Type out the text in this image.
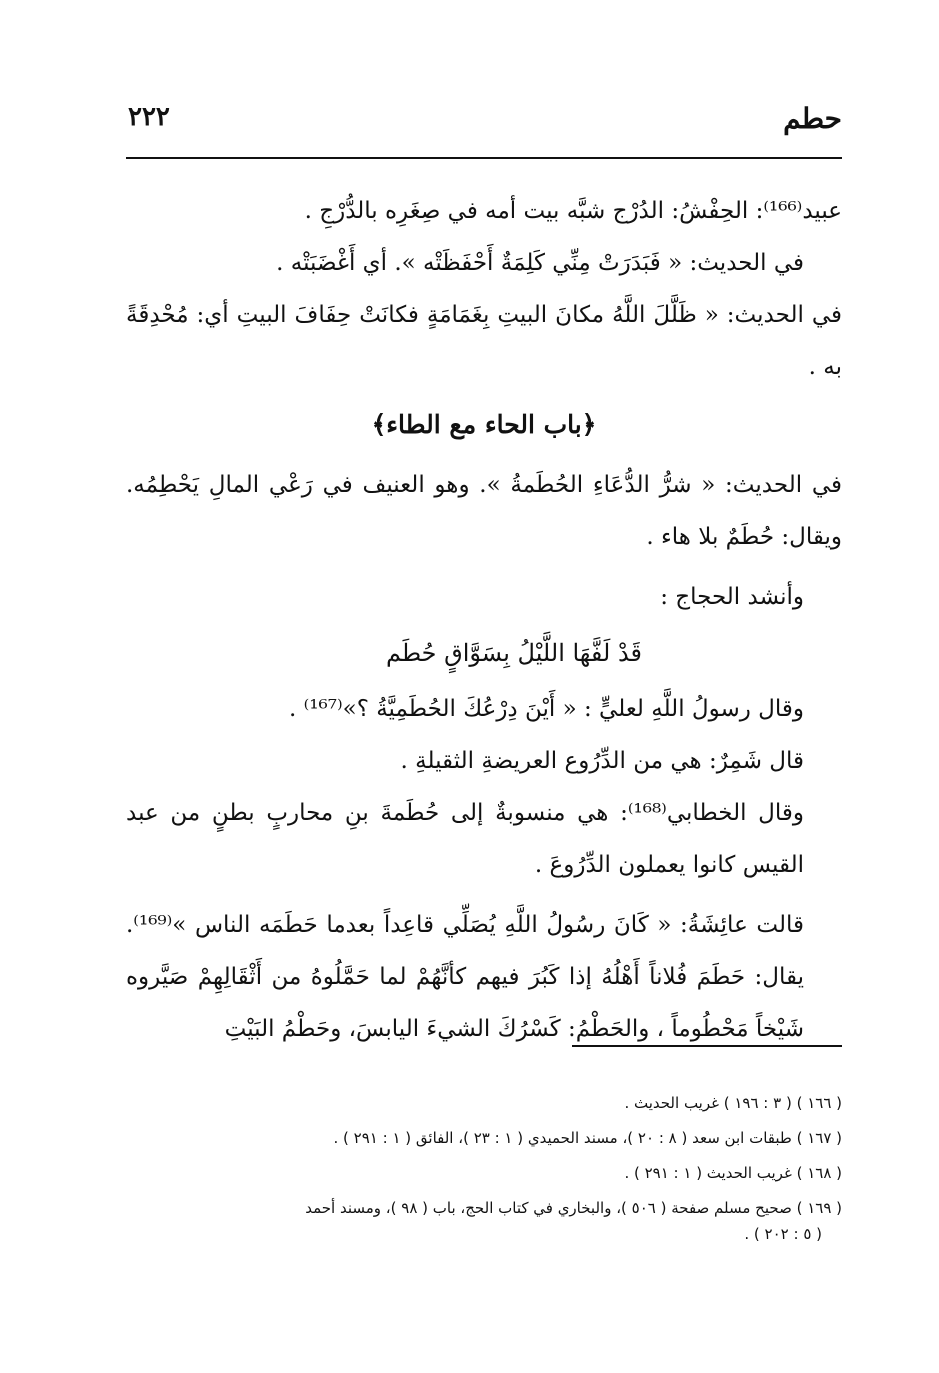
حطم
٢٢٢

عبيد⁽¹⁶⁶⁾: الحِفْشُ: الدُرْج شبَّه بيت أمه في صِغَرِه بالدُّرْجِ .

في الحديث: « فَبَدَرَتْ مِنِّي كَلِمَةٌ أَحْفَظَتْه ». أي أَغْضَبَتْه .

في الحديث: « ظَلَّلَ اللَّهُ مكانَ البيتِ بِغَمَامَةٍ فكانَتْ حِفَافَ البيتِ أي: مُحْدِقَةً به .

﴿باب الحاء مع الطاء﴾

في الحديث: « شرُّ الدُّعَاءِ الحُطَمةُ ». وهو العنيف في رَعْي المالِ يَحْطِمُه. ويقال: حُطَمٌ بلا هاء .

وأنشد الحجاج :

قَدْ لَفَّهَا اللَّيْلُ بِسَوَّاقٍ حُطَم

وقال رسولُ اللَّهِ لعليٍّ : « أَيْنَ دِرْعُكَ الحُطَمِيَّةُ ؟»⁽¹⁶⁷⁾ .

قال شَمِرٌ: هي من الدِّرُوع العريضةِ الثقيلةِ .

وقال الخطابي⁽¹⁶⁸⁾: هي منسوبةٌ إلى حُطَمةَ بنِ محاربٍ بطنٍ من عبد القيس كانوا يعملون الدِّرُوعَ .

قالت عائِشَةُ: « كَانَ رسُولُ اللَّهِ يُصَلِّي قاعِداً بعدما حَطَمَه الناس »⁽¹⁶⁹⁾. يقال: حَطَمَ فُلاناً أَهْلُهُ إذا كَبُرَ فيهم كأنَّهُمْ لما حَمَّلُوهُ من أَثْقَالِهِمْ صَيَّروه شَيْخاً مَحْطُوماً ، والحَطْمُ: كَسْرُكَ الشيءَ اليابسَ، وحَطْمُ البَيْتِ

( ١٦٦ ) ( ٣ : ١٩٦ ) غريب الحديث .

( ١٦٧ ) طبقات ابن سعد ( ٨ : ٢٠ )، مسند الحميدي ( ١ : ٢٣ )، الفائق ( ١ : ٢٩١ ) .

( ١٦٨ ) غريب الحديث ( ١ : ٢٩١ ) .

( ١٦٩ ) صحيح مسلم صفحة ( ٥٠٦ )، والبخاري في كتاب الحج، باب ( ٩٨ )، ومسند أحمد

( ٥ : ٢٠٢ ) .
